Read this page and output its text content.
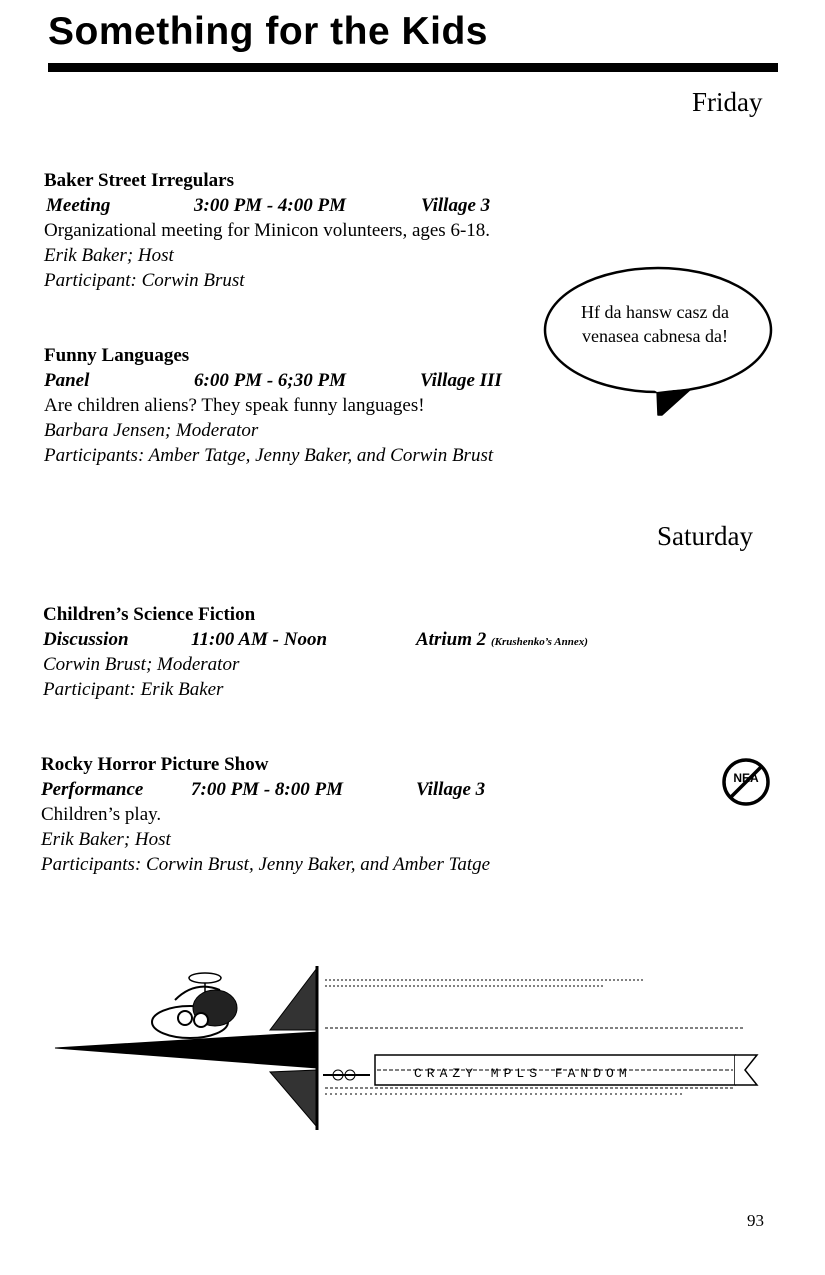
Something for the Kids
Friday
Baker Street Irregulars
Meeting	3:00 PM - 4:00 PM	Village 3
Organizational meeting for Minicon volunteers, ages 6-18.
Erik Baker; Host
Participant: Corwin Brust
Funny Languages
Panel	6:00 PM - 6;30 PM	Village III
Are children aliens? They speak funny languages!
Barbara Jensen; Moderator
Participants: Amber Tatge, Jenny Baker, and Corwin Brust
Hf da hansw casz da
venasea cabnesa da!
Saturday
Children’s Science Fiction
Discussion	11:00 AM - Noon	Atrium 2 (Krushenko’s Annex)
Corwin Brust; Moderator
Participant: Erik Baker
Rocky Horror Picture Show
Performance	7:00 PM - 8:00 PM	Village 3
Children’s play.
Erik Baker; Host
Participants: Corwin Brust, Jenny Baker, and Amber Tatge
NEA
CRAZY MPLS FANDOM
93
